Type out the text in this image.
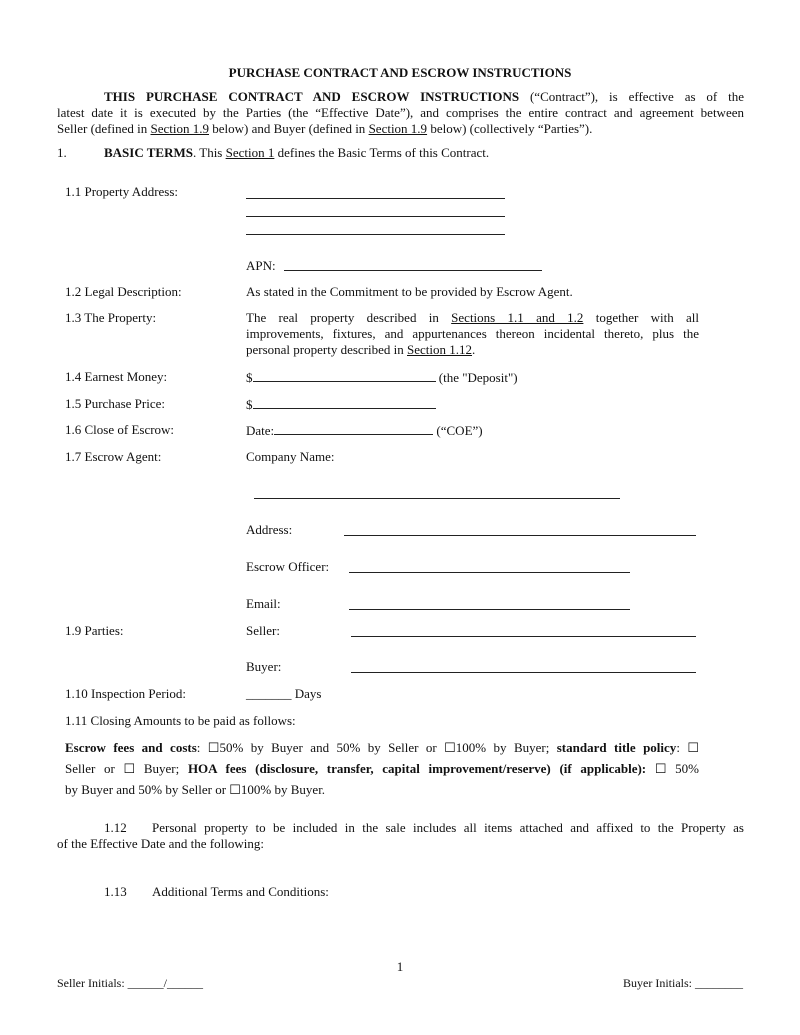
PURCHASE CONTRACT AND ESCROW INSTRUCTIONS
THIS PURCHASE CONTRACT AND ESCROW INSTRUCTIONS (“Contract”), is effective as of the
latest date it is executed by the Parties (the “Effective Date”), and comprises the entire contract and agreement between
Seller (defined in Section 1.9 below) and Buyer (defined in Section 1.9 below) (collectively “Parties”).
1.	BASIC TERMS. This Section 1 defines the Basic Terms of this Contract.
1.1 Property Address:
APN:
1.2 Legal Description:	As stated in the Commitment to be provided by Escrow Agent.
1.3 The Property:	The real property described in Sections 1.1 and 1.2 together with all
improvements, fixtures, and appurtenances thereon incidental thereto, plus the
personal property described in Section 1.12.
1.4 Earnest Money:	$	(the "Deposit")
1.5 Purchase Price:	$
1.6 Close of Escrow:	Date:	(“COE”)
1.7 Escrow Agent:	Company Name:
Address:
Escrow Officer:
Email:
1.9 Parties:	Seller:
Buyer:
1.10 Inspection Period:	_______ Days
1.11 Closing Amounts to be paid as follows:
Escrow fees and costs: ☐50% by Buyer and 50% by Seller or ☐100% by Buyer; standard title policy: ☐
Seller or ☐ Buyer; HOA fees (disclosure, transfer, capital improvement/reserve) (if applicable): ☐ 50%
by Buyer and 50% by Seller or ☐100% by Buyer.
1.12 Personal property to be included in the sale includes all items attached and affixed to the Property as
of the Effective Date and the following:
1.13 Additional Terms and Conditions:
1
Seller Initials: ______/______	Buyer Initials: ________
